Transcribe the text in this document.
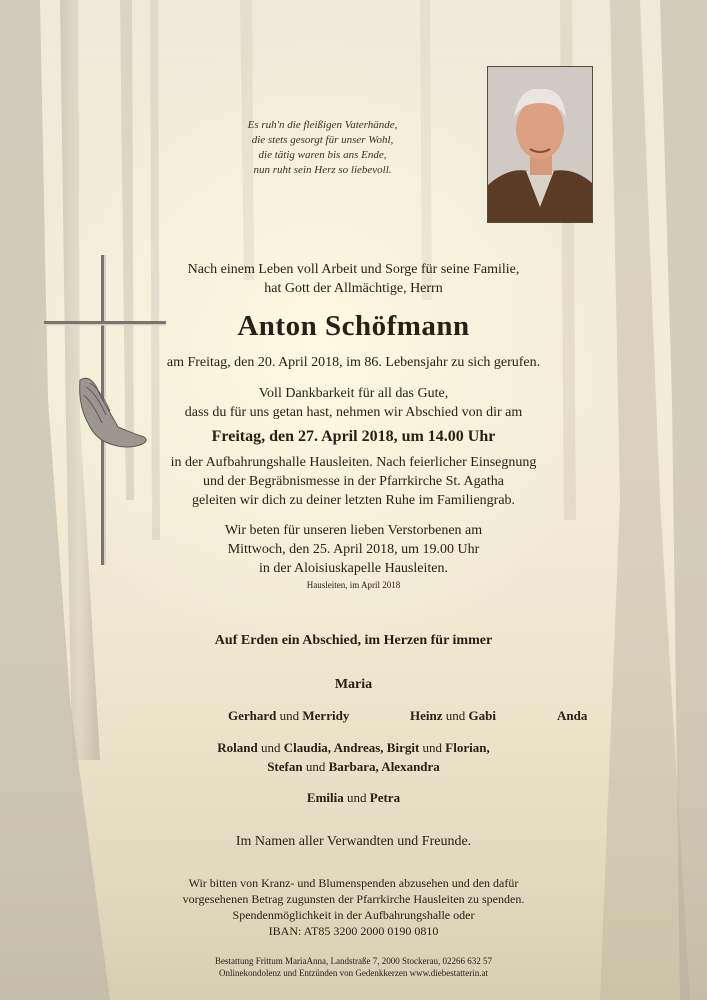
Es ruh'n die fleißigen Vaterhände,
die stets gesorgt für unser Wohl,
die tätig waren bis ans Ende,
nun ruht sein Herz so liebevoll.
Nach einem Leben voll Arbeit und Sorge für seine Familie,
hat Gott der Allmächtige, Herrn
Anton Schöfmann
am Freitag, den 20. April 2018, im 86. Lebensjahr zu sich gerufen.
Voll Dankbarkeit für all das Gute,
dass du für uns getan hast, nehmen wir Abschied von dir am
Freitag, den 27. April 2018, um 14.00 Uhr
in der Aufbahrungshalle Hausleiten. Nach feierlicher Einsegnung
und der Begräbnismesse in der Pfarrkirche St. Agatha
geleiten wir dich zu deiner letzten Ruhe im Familiengrab.
Wir beten für unseren lieben Verstorbenen am
Mittwoch, den 25. April 2018, um 19.00 Uhr
in der Aloisiuskapelle Hausleiten.
Hausleiten, im April 2018
Auf Erden ein Abschied, im Herzen für immer
Maria
Gerhard und Merridy	Heinz und Gabi	Anda
Roland und Claudia, Andreas, Birgit und Florian,
Stefan und Barbara, Alexandra
Emilia und Petra
Im Namen aller Verwandten und Freunde.
Wir bitten von Kranz- und Blumenspenden abzusehen und den dafür
vorgesehenen Betrag zugunsten der Pfarrkirche Hausleiten zu spenden.
Spendenmöglichkeit in der Aufbahrungshalle oder
IBAN: AT85 3200 2000 0190 0810
Bestattung Frittum MariaAnna, Landstraße 7, 2000 Stockerau, 02266 632 57
Onlinekondolenz und Entzünden von Gedenkkerzen www.diebestatterin.at
